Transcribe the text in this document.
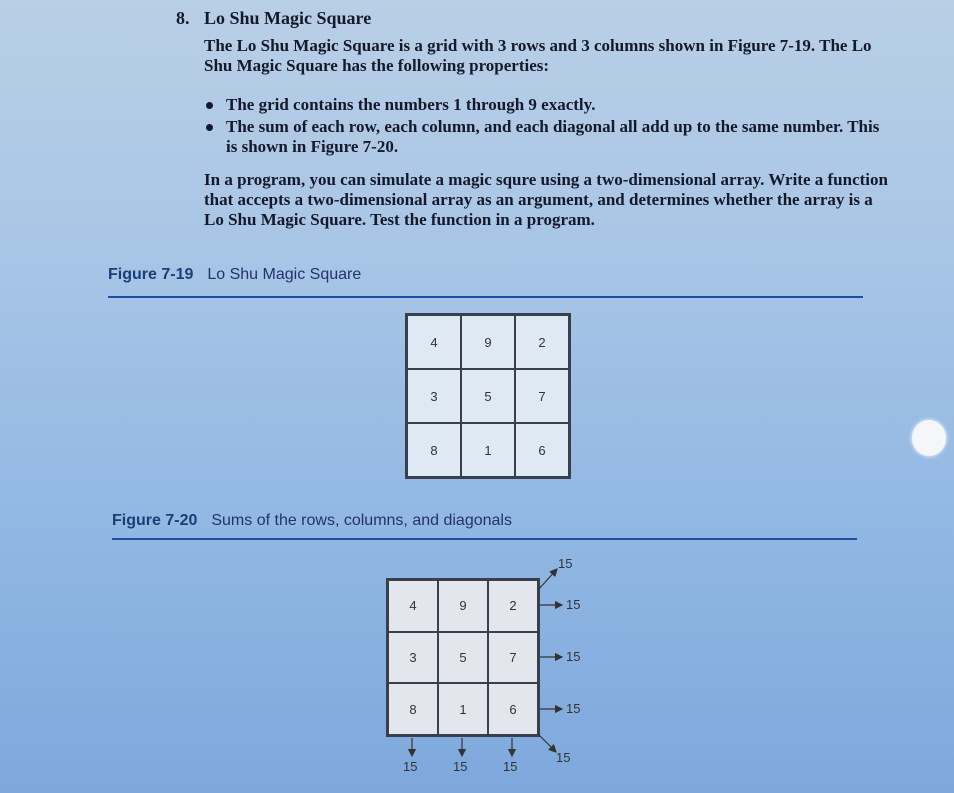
8. Lo Shu Magic Square
The Lo Shu Magic Square is a grid with 3 rows and 3 columns shown in Figure 7-19. The Lo Shu Magic Square has the following properties:
The grid contains the numbers 1 through 9 exactly.
The sum of each row, each column, and each diagonal all add up to the same number. This is shown in Figure 7-20.
In a program, you can simulate a magic squre using a two-dimensional array. Write a function that accepts a two-dimensional array as an argument, and determines whether the array is a Lo Shu Magic Square. Test the function in a program.
Figure 7-19 Lo Shu Magic Square
4	9	2
3	5	7
8	1	6
Figure 7-20 Sums of the rows, columns, and diagonals
4	9	2
3	5	7
8	1	6
15
15
15
15	15	15
15
15
